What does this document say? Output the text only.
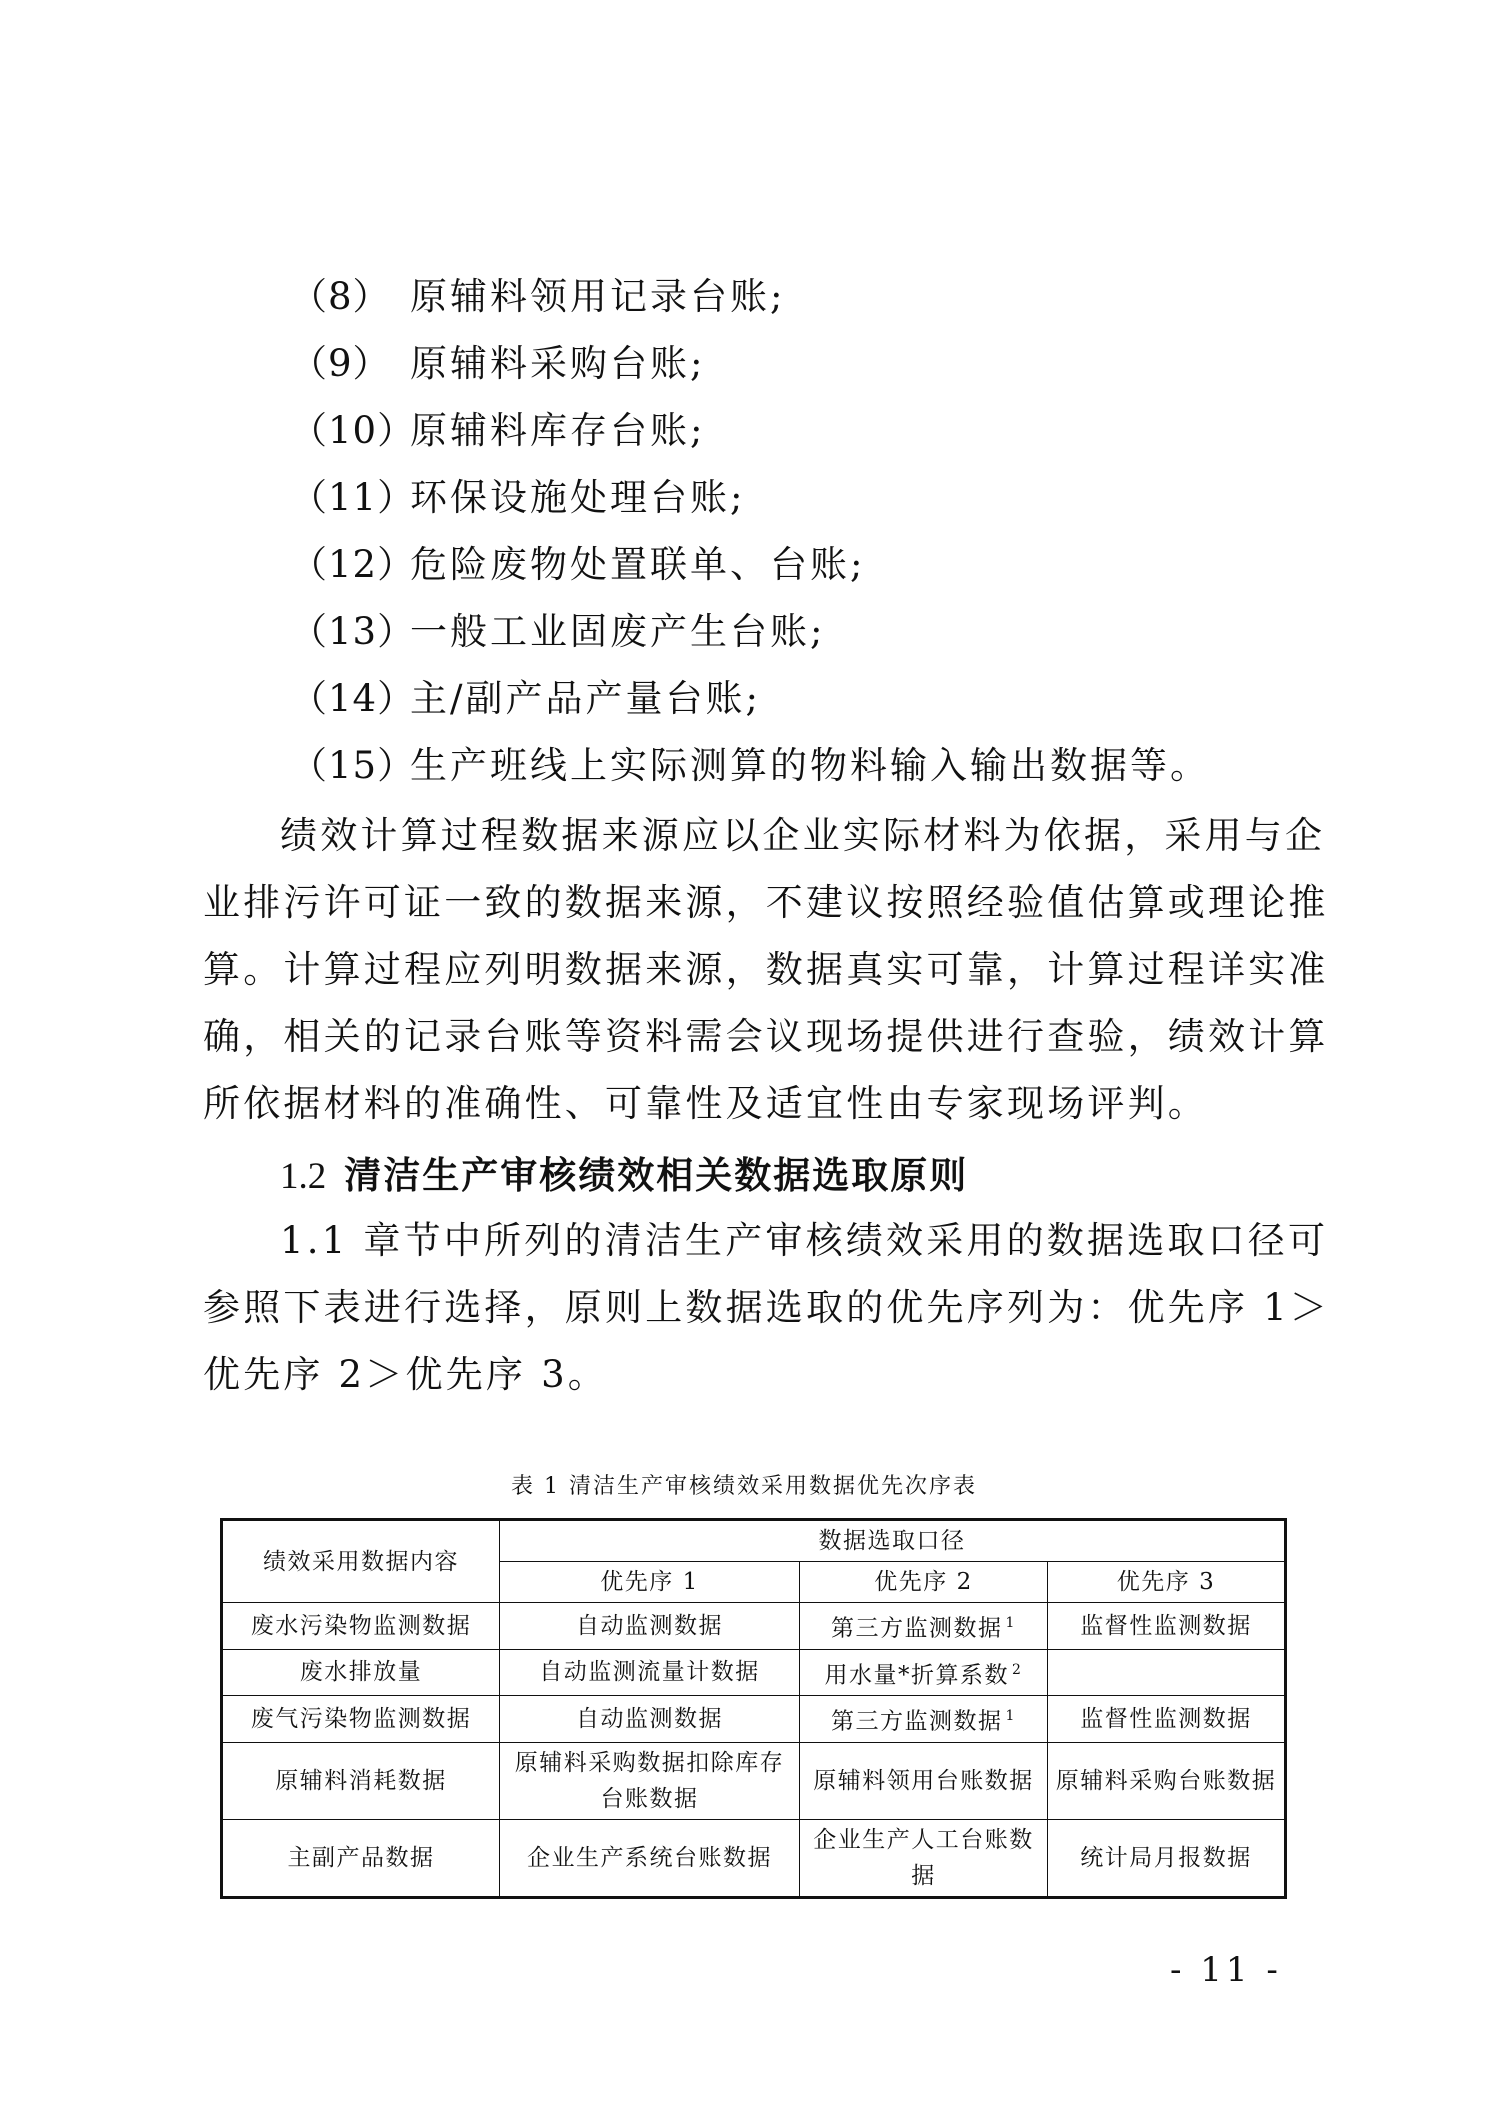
（8） 原辅料领用记录台账;
（9） 原辅料采购台账;
（10）原辅料库存台账;
（11）环保设施处理台账;
（12）危险废物处置联单、台账;
（13）一般工业固废产生台账;
（14）主/副产品产量台账;
（15）生产班线上实际测算的物料输入输出数据等。
绩效计算过程数据来源应以企业实际材料为依据，采用与企
业排污许可证一致的数据来源，不建议按照经验值估算或理论推
算。计算过程应列明数据来源，数据真实可靠，计算过程详实准
确，相关的记录台账等资料需会议现场提供进行查验，绩效计算
所依据材料的准确性、可靠性及适宜性由专家现场评判。
1.2 清洁生产审核绩效相关数据选取原则
1.1 章节中所列的清洁生产审核绩效采用的数据选取口径可
参照下表进行选择，原则上数据选取的优先序列为：优先序 1＞
优先序 2＞优先序 3。
表 1 清洁生产审核绩效采用数据优先次序表
绩效采用数据内容	数据选取口径		
	优先序 1	优先序 2	优先序 3
废水污染物监测数据	自动监测数据	第三方监测数据 $^1$	监督性监测数据
废水排放量	自动监测流量计数据	用水量*折算系数 $^2$	
废气污染物监测数据	自动监测数据	第三方监测数据 $^1$	监督性监测数据
原辅料消耗数据	原辅料采购数据扣除库存台账数据	原辅料领用台账数据	原辅料采购台账数据
主副产品数据	企业生产系统台账数据	企业生产人工台账数据	统计局月报数据
- 11 -
